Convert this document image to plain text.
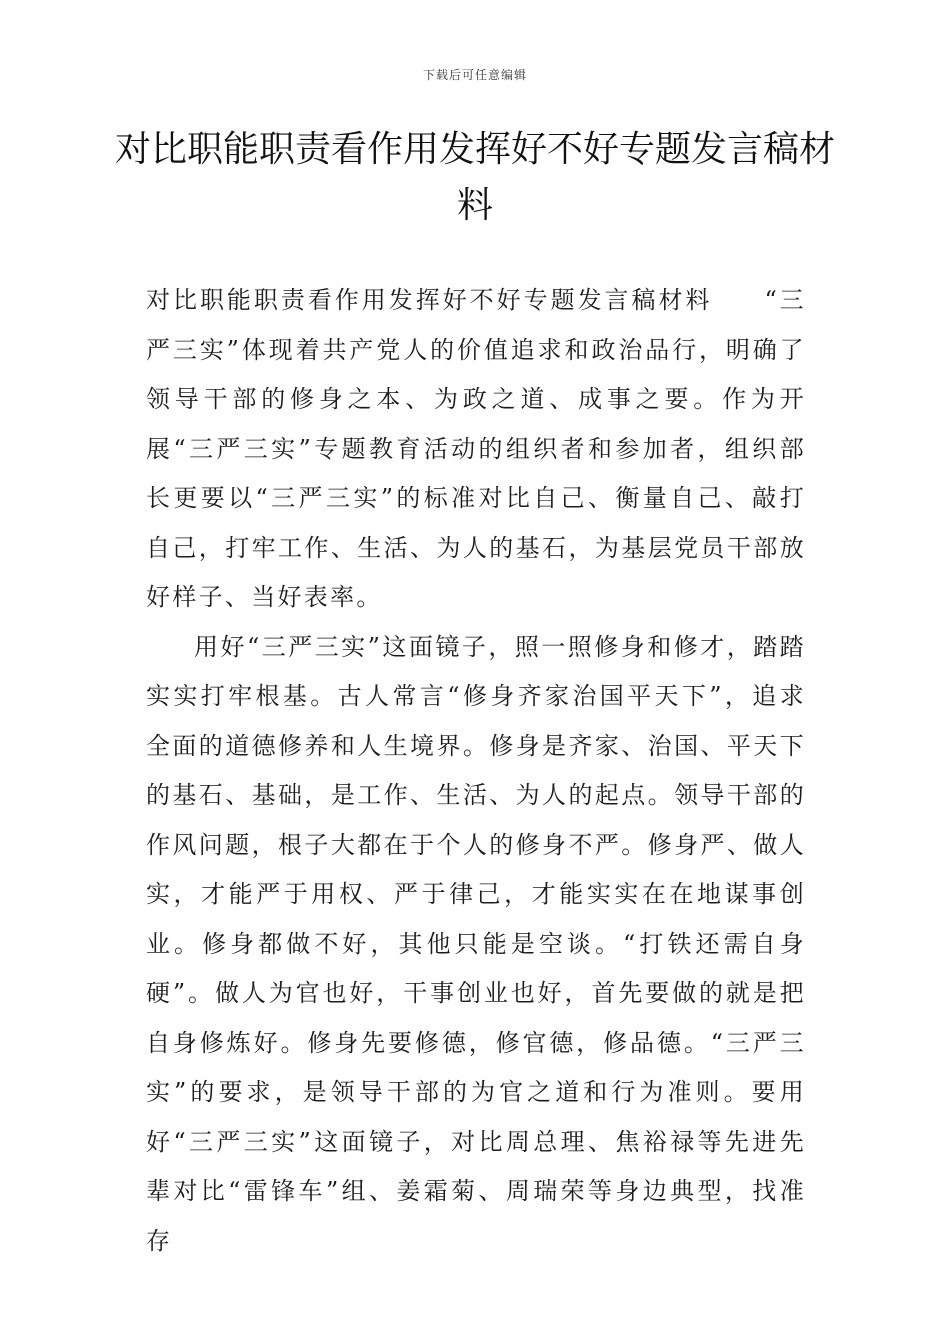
下载后可任意编辑
对比职能职责看作用发挥好不好专题发言稿材料

对比职能职责看作用发挥好不好专题发言稿材料 “三严三实”体现着共产党人的价值追求和政治品行，明确了领导干部的修身之本、为政之道、成事之要。作为开展“三严三实”专题教育活动的组织者和参加者，组织部长更要以“三严三实”的标准对比自己、衡量自己、敲打自己，打牢工作、生活、为人的基石，为基层党员干部放好样子、当好表率。

用好“三严三实”这面镜子，照一照修身和修才，踏踏实实打牢根基。古人常言“修身齐家治国平天下”，追求全面的道德修养和人生境界。修身是齐家、治国、平天下的基石、基础，是工作、生活、为人的起点。领导干部的作风问题，根子大都在于个人的修身不严。修身严、做人实，才能严于用权、严于律己，才能实实在在地谋事创业。修身都做不好，其他只能是空谈。“打铁还需自身硬”。做人为官也好，干事创业也好，首先要做的就是把自身修炼好。修身先要修德，修官德，修品德。“三严三实”的要求，是领导干部的为官之道和行为准则。要用好“三严三实”这面镜子，对比周总理、焦裕禄等先进先辈对比“雷锋车”组、姜霜菊、周瑞荣等身边典型，找准存
